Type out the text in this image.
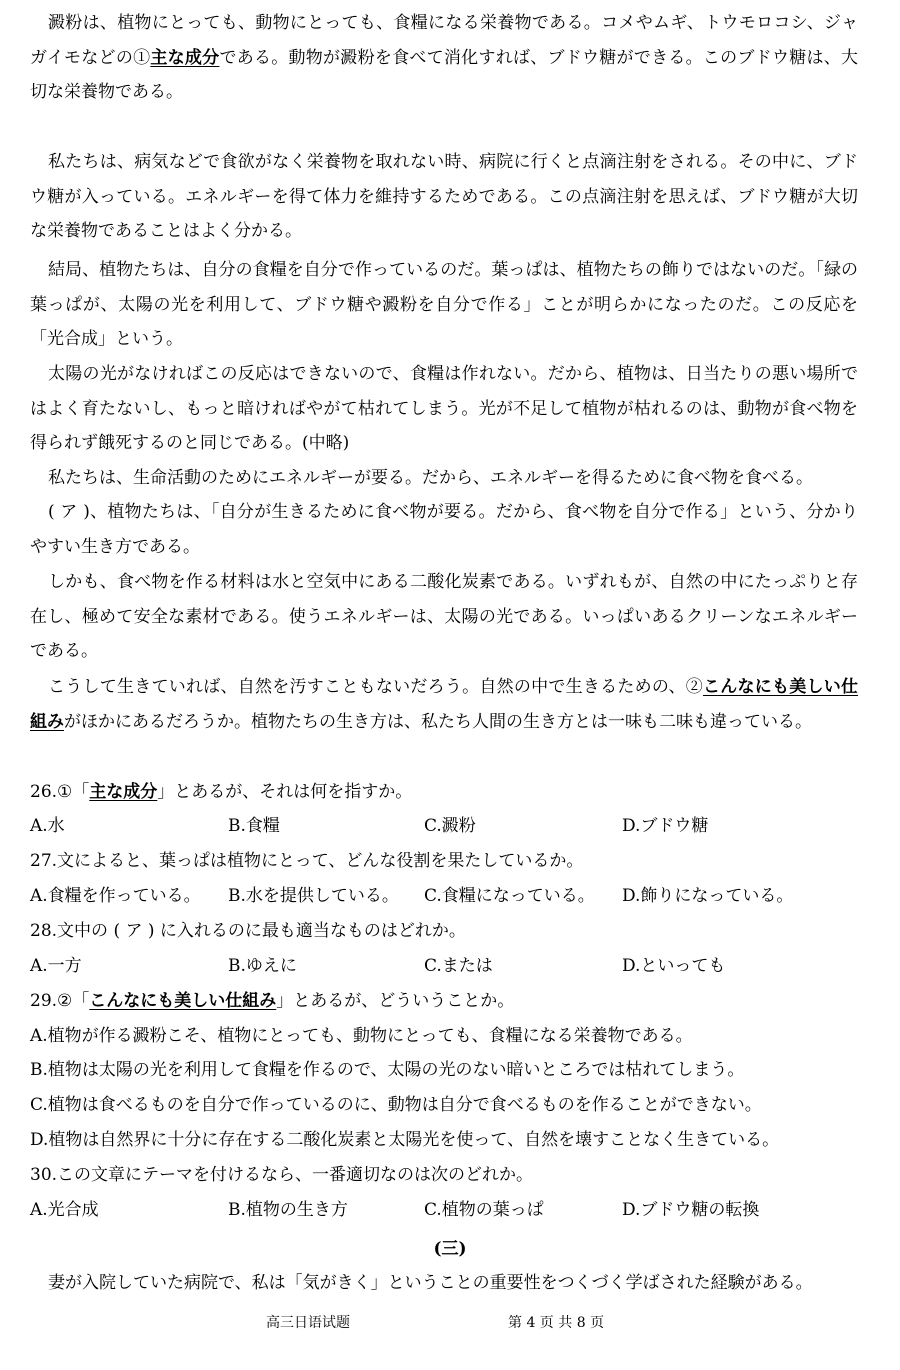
澱粉は、植物にとっても、動物にとっても、食糧になる栄養物である。コメやムギ、トウモロコシ、ジャガイモなどの①主な成分である。動物が澱粉を食べて消化すれば、ブドウ糖ができる。このブドウ糖は、大切な栄養物である。

私たちは、病気などで食欲がなく栄養物を取れない時、病院に行くと点滴注射をされる。その中に、ブドウ糖が入っている。エネルギーを得て体力を維持するためである。この点滴注射を思えば、ブドウ糖が大切な栄養物であることはよく分かる。

結局、植物たちは、自分の食糧を自分で作っているのだ。葉っぱは、植物たちの飾りではないのだ。「緑の葉っぱが、太陽の光を利用して、ブドウ糖や澱粉を自分で作る」ことが明らかになったのだ。この反応を「光合成」という。

太陽の光がなければこの反応はできないので、食糧は作れない。だから、植物は、日当たりの悪い場所ではよく育たないし、もっと暗ければやがて枯れてしまう。光が不足して植物が枯れるのは、動物が食べ物を得られず餓死するのと同じである。(中略)

私たちは、生命活動のためにエネルギーが要る。だから、エネルギーを得るために食べ物を食べる。

( ア )、植物たちは、「自分が生きるために食べ物が要る。だから、食べ物を自分で作る」という、分かりやすい生き方である。

しかも、食べ物を作る材料は水と空気中にある二酸化炭素である。いずれもが、自然の中にたっぷりと存在し、極めて安全な素材である。使うエネルギーは、太陽の光である。いっぱいあるクリーンなエネルギーである。

こうして生きていれば、自然を汚すこともないだろう。自然の中で生きるための、②こんなにも美しい仕組みがほかにあるだろうか。植物たちの生き方は、私たち人間の生き方とは一味も二味も違っている。

26.①「主な成分」とあるが、それは何を指すか。

A.水	B.食糧	C.澱粉	D.ブドウ糖

27.文によると、葉っぱは植物にとって、どんな役割を果たしているか。

A.食糧を作っている。 B.水を提供している。 C.食糧になっている。 D.飾りになっている。

28.文中の ( ア ) に入れるのに最も適当なものはどれか。

A.一方	B.ゆえに	C.または	D.といっても

29.②「こんなにも美しい仕組み」とあるが、どういうことか。

A.植物が作る澱粉こそ、植物にとっても、動物にとっても、食糧になる栄養物である。

B.植物は太陽の光を利用して食糧を作るので、太陽の光のない暗いところでは枯れてしまう。

C.植物は食べるものを自分で作っているのに、動物は自分で食べるものを作ることができない。

D.植物は自然界に十分に存在する二酸化炭素と太陽光を使って、自然を壊すことなく生きている。

30.この文章にテーマを付けるなら、一番適切なのは次のどれか。

A.光合成	B.植物の生き方	C.植物の葉っぱ	D.ブドウ糖の転換
(三)

妻が入院していた病院で、私は「気がきく」ということの重要性をつくづく学ばされた経験がある。

高三日语试题	第 4 页 共 8 页
